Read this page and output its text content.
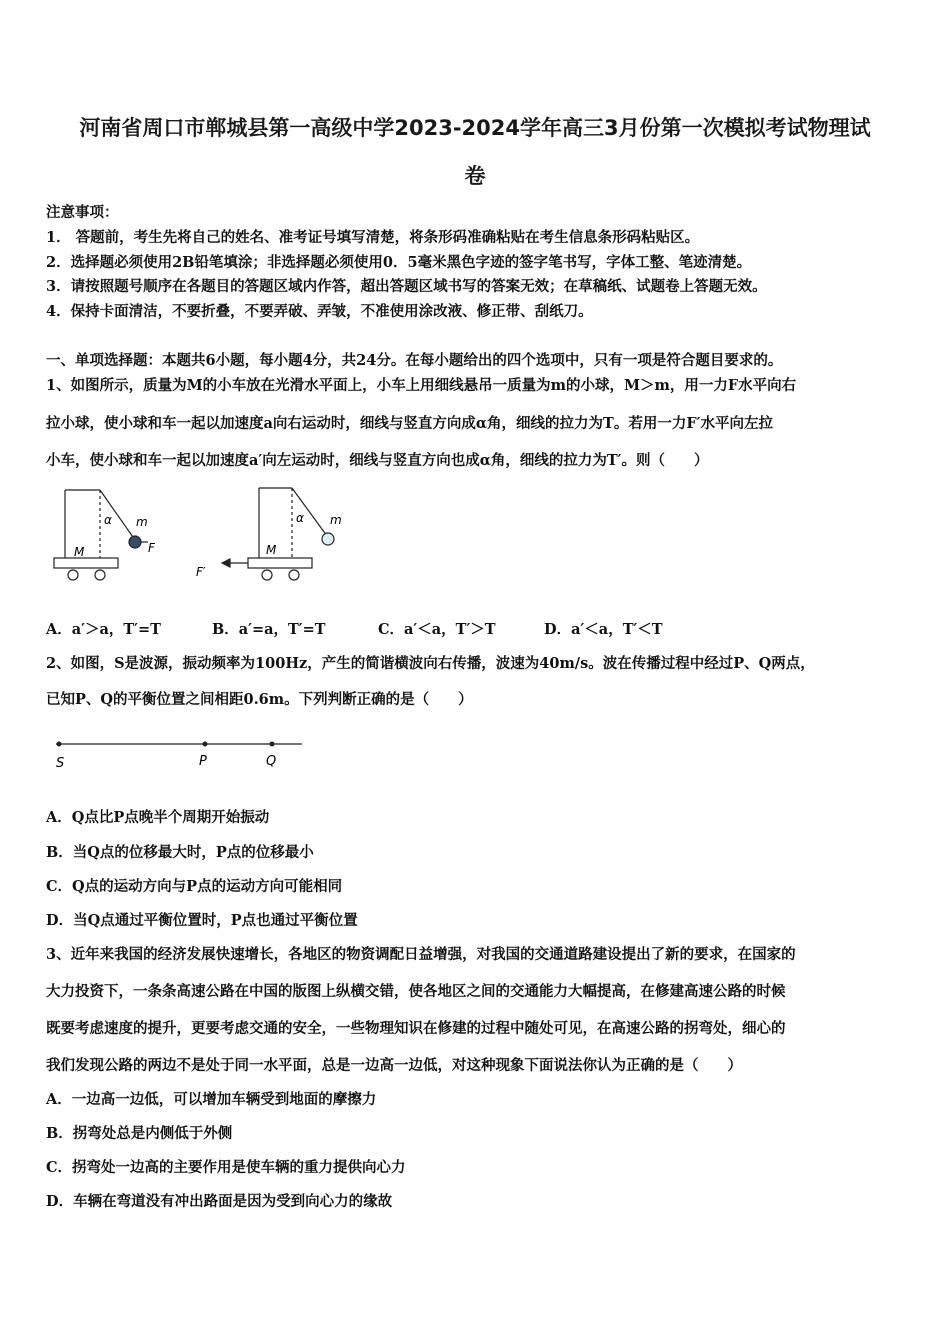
河南省周口市郸城县第一高级中学2023-2024学年高三3月份第一次模拟考试物理试
卷
注意事项：
1． 答题前，考生先将自己的姓名、准考证号填写清楚，将条形码准确粘贴在考生信息条形码粘贴区。
2．选择题必须使用2B铅笔填涂；非选择题必须使用0．5毫米黑色字迹的签字笔书写，字体工整、笔迹清楚。
3．请按照题号顺序在各题目的答题区域内作答，超出答题区域书写的答案无效；在草稿纸、试题卷上答题无效。
4．保持卡面清洁，不要折叠，不要弄破、弄皱，不准使用涂改液、修正带、刮纸刀。
一、单项选择题：本题共6小题，每小题4分，共24分。在每小题给出的四个选项中，只有一项是符合题目要求的。
1、如图所示，质量为M的小车放在光滑水平面上，小车上用细线悬吊一质量为m的小球，M＞m，用一力F水平向右
拉小球，使小球和车一起以加速度a向右运动时，细线与竖直方向成α角，细线的拉力为T。若用一力F′水平向左拉
小车，使小球和车一起以加速度a′向左运动时，细线与竖直方向也成α角，细线的拉力为T′。则（　　）
α m
M	F
α m
M
F′
A．a′＞a，T′=T	B．a′=a，T′=T	C．a′＜a，T′＞T	D．a′＜a，T′＜T
2、如图，S是波源，振动频率为100Hz，产生的简谐横波向右传播，波速为40m/s。波在传播过程中经过P、Q两点，
已知P、Q的平衡位置之间相距0.6m。下列判断正确的是（　　）
S	P	Q
A．Q点比P点晚半个周期开始振动
B．当Q点的位移最大时，P点的位移最小
C．Q点的运动方向与P点的运动方向可能相同
D．当Q点通过平衡位置时，P点也通过平衡位置
3、近年来我国的经济发展快速增长，各地区的物资调配日益增强，对我国的交通道路建设提出了新的要求，在国家的
大力投资下，一条条高速公路在中国的版图上纵横交错，使各地区之间的交通能力大幅提高，在修建高速公路的时候
既要考虑速度的提升，更要考虑交通的安全，一些物理知识在修建的过程中随处可见，在高速公路的拐弯处，细心的
我们发现公路的两边不是处于同一水平面，总是一边高一边低，对这种现象下面说法你认为正确的是（　　）
A．一边高一边低，可以增加车辆受到地面的摩擦力
B．拐弯处总是内侧低于外侧
C．拐弯处一边高的主要作用是使车辆的重力提供向心力
D．车辆在弯道没有冲出路面是因为受到向心力的缘故
